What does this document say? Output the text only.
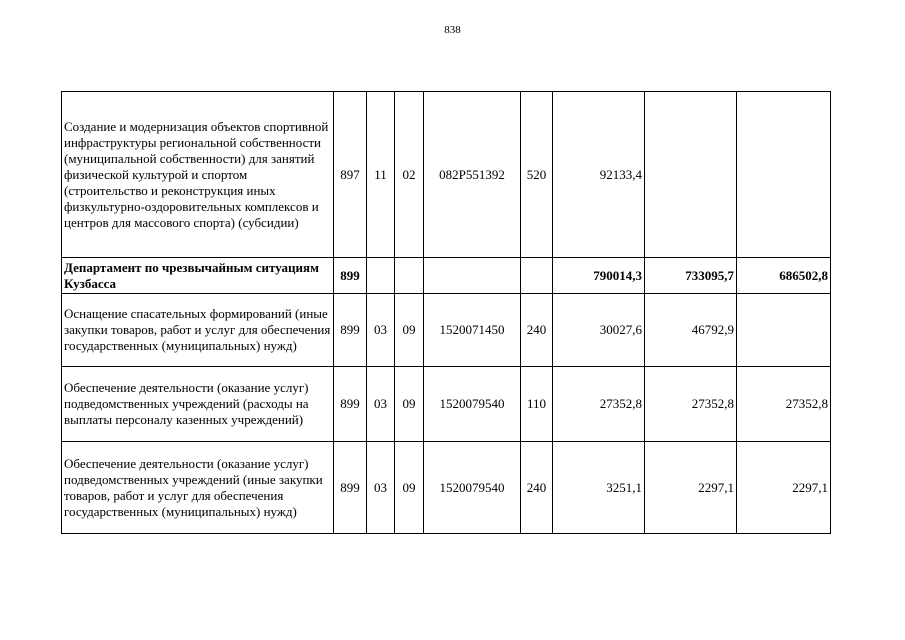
838
Создание и модернизация объектов спортивной инфраструктуры региональной собственности (муниципальной собственности) для занятий физической культурой и спортом (строительство и реконструкция иных физкультурно-оздоровительных комплексов и центров для массового спорта) (субсидии)	897	11	02	082P551392	520	92133,4		
Департамент по чрезвычайным ситуациям Кузбасса	899					790014,3	733095,7	686502,8
Оснащение спасательных формирований (иные закупки товаров, работ и услуг для обеспечения государственных (муниципальных) нужд)	899	03	09	1520071450	240	30027,6	46792,9	
Обеспечение деятельности (оказание услуг) подведомственных учреждений (расходы на выплаты персоналу казенных учреждений)	899	03	09	1520079540	110	27352,8	27352,8	27352,8
Обеспечение деятельности (оказание услуг) подведомственных учреждений (иные закупки товаров, работ и услуг для обеспечения государственных (муниципальных) нужд)	899	03	09	1520079540	240	3251,1	2297,1	2297,1
